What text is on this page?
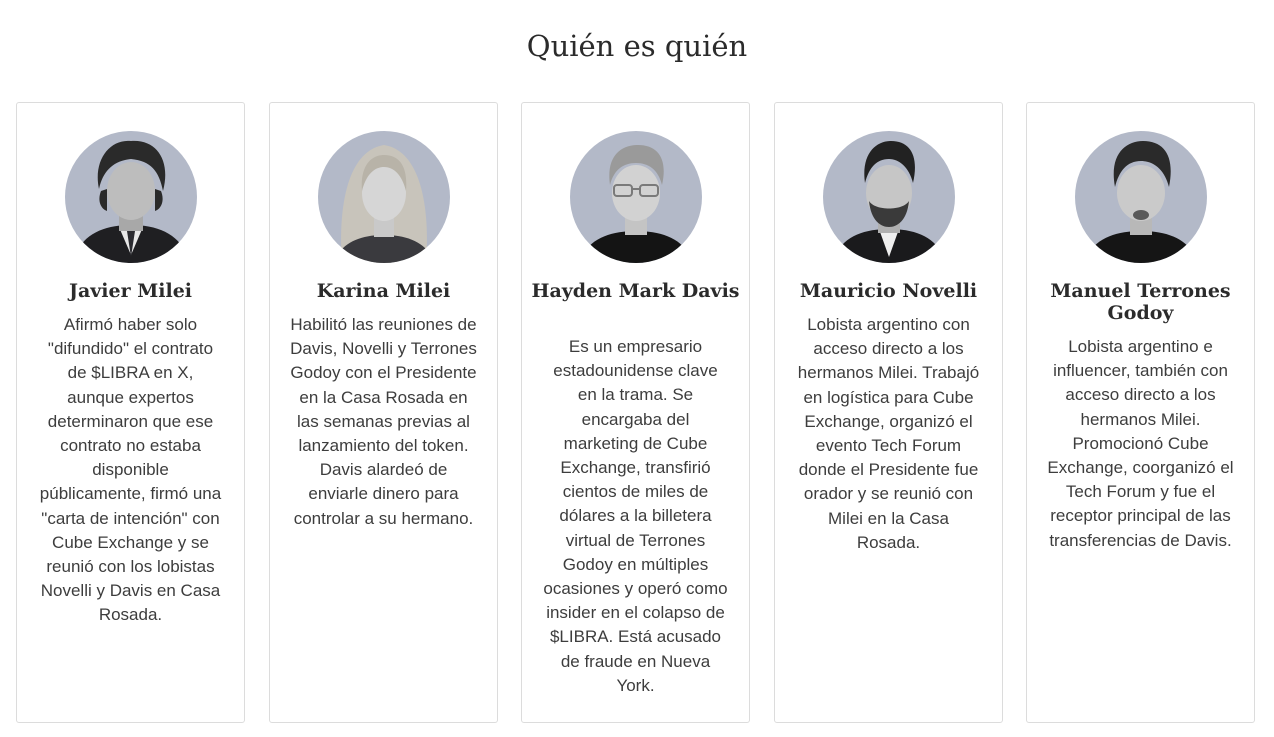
Quién es quién
Javier Milei

Afirmó haber solo "difundido" el contrato de $LIBRA en X, aunque expertos determinaron que ese contrato no estaba disponible públicamente, firmó una "carta de intención" con Cube Exchange y se reunió con los lobistas Novelli y Davis en Casa Rosada.

Karina Milei

Habilitó las reuniones de Davis, Novelli y Terrones Godoy con el Presidente en la Casa Rosada en las semanas previas al lanzamiento del token. Davis alardeó de enviarle dinero para controlar a su hermano.

Hayden Mark Davis

Es un empresario estadounidense clave en la trama. Se encargaba del marketing de Cube Exchange, transfirió cientos de miles de dólares a la billetera virtual de Terrones Godoy en múltiples ocasiones y operó como insider en el colapso de $LIBRA. Está acusado de fraude en Nueva York.

Mauricio Novelli

Lobista argentino con acceso directo a los hermanos Milei. Trabajó en logística para Cube Exchange, organizó el evento Tech Forum donde el Presidente fue orador y se reunió con Milei en la Casa Rosada.

Manuel Terrones Godoy

Lobista argentino e influencer, también con acceso directo a los hermanos Milei. Promocionó Cube Exchange, coorganizó el Tech Forum y fue el receptor principal de las transferencias de Davis.
